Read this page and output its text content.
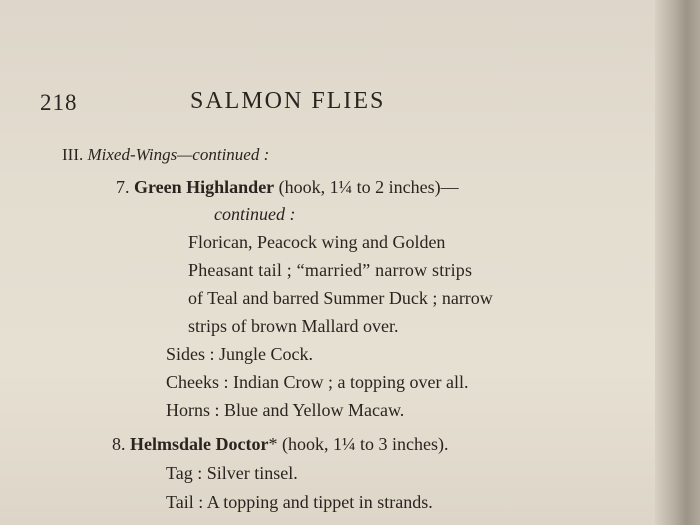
218	SALMON FLIES
III. Mixed-Wings—continued :
7. Green Highlander (hook, 1¼ to 2 inches)—
continued :
Florican, Peacock wing and Golden
Pheasant tail ; “married” narrow strips
of Teal and barred Summer Duck ; narrow
strips of brown Mallard over.
Sides : Jungle Cock.
Cheeks : Indian Crow ; a topping over all.
Horns : Blue and Yellow Macaw.
8. Helmsdale Doctor* (hook, 1¼ to 3 inches).
Tag : Silver tinsel.
Tail : A topping and tippet in strands.
